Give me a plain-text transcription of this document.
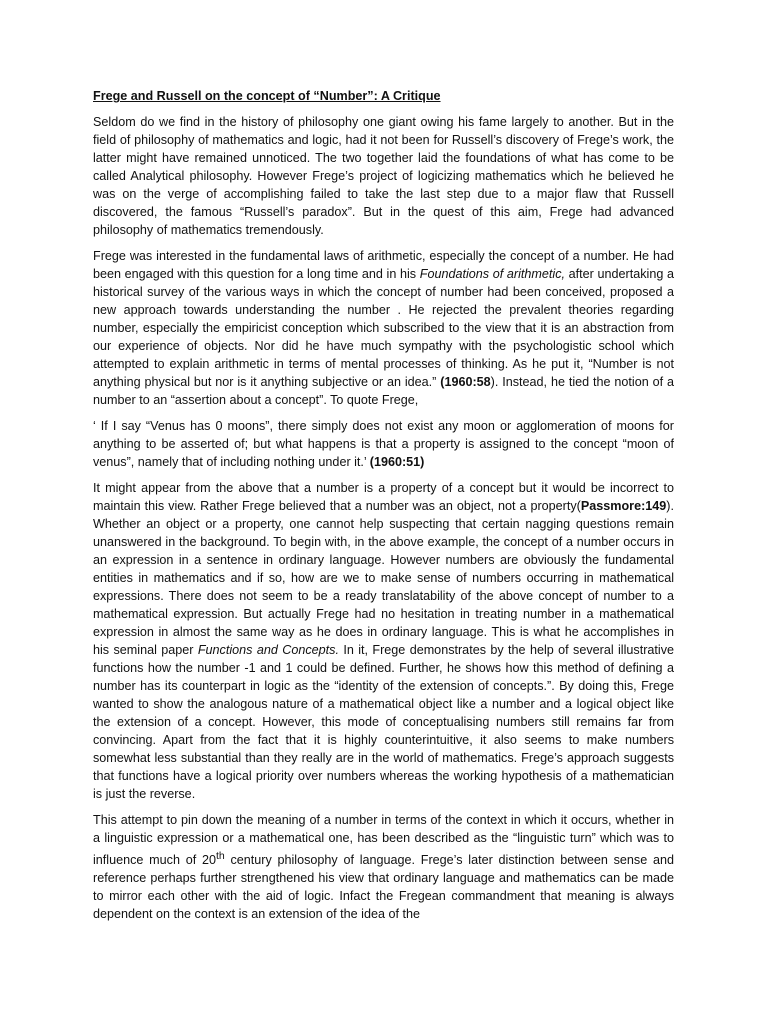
Frege and Russell on the concept of “Number”: A Critique

Seldom do we find in the history of philosophy one giant owing his fame largely to another. But in the field of philosophy of mathematics and logic, had it not been for Russell’s discovery of Frege’s work, the latter might have remained unnoticed. The two together laid the foundations of what has come to be called Analytical philosophy. However Frege’s project of logicizing mathematics which he believed he was on the verge of accomplishing failed to take the last step due to a major flaw that Russell discovered, the famous “Russell’s paradox”. But in the quest of this aim, Frege had advanced philosophy of mathematics tremendously.

Frege was interested in the fundamental laws of arithmetic, especially the concept of a number. He had been engaged with this question for a long time and in his Foundations of arithmetic, after undertaking a historical survey of the various ways in which the concept of number had been conceived, proposed a new approach towards understanding the number . He rejected the prevalent theories regarding number, especially the empiricist conception which subscribed to the view that it is an abstraction from our experience of objects. Nor did he have much sympathy with the psychologistic school which attempted to explain arithmetic in terms of mental processes of thinking. As he put it, “Number is not anything physical but nor is it anything subjective or an idea.” (1960:58). Instead, he tied the notion of a number to an “assertion about a concept”. To quote Frege,

‘ If I say “Venus has 0 moons”, there simply does not exist any moon or agglomeration of moons for anything to be asserted of; but what happens is that a property is assigned to the concept “moon of venus”, namely that of including nothing under it.’ (1960:51)

It might appear from the above that a number is a property of a concept but it would be incorrect to maintain this view. Rather Frege believed that a number was an object, not a property(Passmore:149). Whether an object or a property, one cannot help suspecting that certain nagging questions remain unanswered in the background. To begin with, in the above example, the concept of a number occurs in an expression in a sentence in ordinary language. However numbers are obviously the fundamental entities in mathematics and if so, how are we to make sense of numbers occurring in mathematical expressions. There does not seem to be a ready translatability of the above concept of number to a mathematical expression. But actually Frege had no hesitation in treating number in a mathematical expression in almost the same way as he does in ordinary language. This is what he accomplishes in his seminal paper Functions and Concepts. In it, Frege demonstrates by the help of several illustrative functions how the number -1 and 1 could be defined. Further, he shows how this method of defining a number has its counterpart in logic as the “identity of the extension of concepts.”. By doing this, Frege wanted to show the analogous nature of a mathematical object like a number and a logical object like the extension of a concept. However, this mode of conceptualising numbers still remains far from convincing. Apart from the fact that it is highly counterintuitive, it also seems to make numbers somewhat less substantial than they really are in the world of mathematics. Frege’s approach suggests that functions have a logical priority over numbers whereas the working hypothesis of a mathematician is just the reverse.

This attempt to pin down the meaning of a number in terms of the context in which it occurs, whether in a linguistic expression or a mathematical one, has been described as the “linguistic turn” which was to influence much of 20th century philosophy of language. Frege’s later distinction between sense and reference perhaps further strengthened his view that ordinary language and mathematics can be made to mirror each other with the aid of logic. Infact the Fregean commandment that meaning is always dependent on the context is an extension of the idea of the
